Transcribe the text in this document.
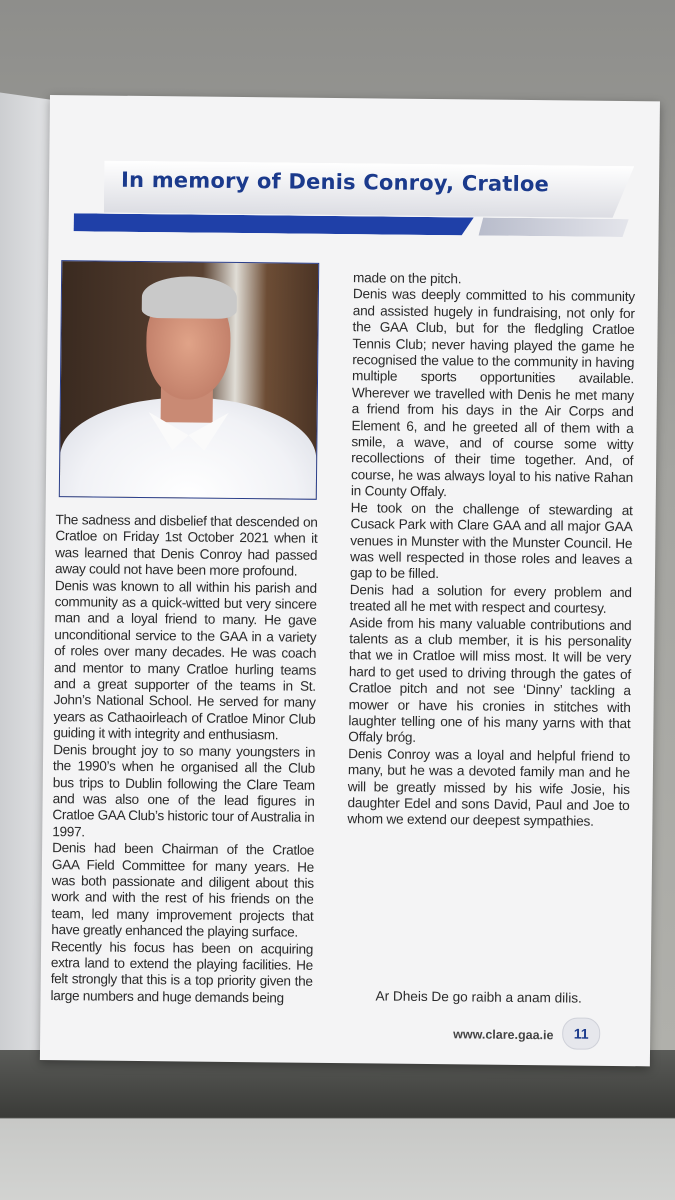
In memory of Denis Conroy, Cratloe

The sadness and disbelief that descended on Cratloe on Friday 1st October 2021 when it was learned that Denis Conroy had passed away could not have been more profound.

Denis was known to all within his parish and community as a quick-witted but very sincere man and a loyal friend to many. He gave unconditional service to the GAA in a variety of roles over many decades. He was coach and mentor to many Cratloe hurling teams and a great supporter of the teams in St. John’s National School. He served for many years as Cathaoirleach of Cratloe Minor Club guiding it with integrity and enthusiasm.

Denis brought joy to so many youngsters in the 1990’s when he organised all the Club bus trips to Dublin following the Clare Team and was also one of the lead figures in Cratloe GAA Club’s historic tour of Australia in 1997.

Denis had been Chairman of the Cratloe GAA Field Committee for many years. He was both passionate and diligent about this work and with the rest of his friends on the team, led many improvement projects that have greatly enhanced the playing surface.

Recently his focus has been on acquiring extra land to extend the playing facilities. He felt strongly that this is a top priority given the large numbers and huge demands being

made on the pitch.

Denis was deeply committed to his community and assisted hugely in fundraising, not only for the GAA Club, but for the fledgling Cratloe Tennis Club; never having played the game he recognised the value to the community in having multiple sports opportunities available. Wherever we travelled with Denis he met many a friend from his days in the Air Corps and Element 6, and he greeted all of them with a smile, a wave, and of course some witty recollections of their time together. And, of course, he was always loyal to his native Rahan in County Offaly.

He took on the challenge of stewarding at Cusack Park with Clare GAA and all major GAA venues in Munster with the Munster Council. He was well respected in those roles and leaves a gap to be filled.

Denis had a solution for every problem and treated all he met with respect and courtesy.

Aside from his many valuable contributions and talents as a club member, it is his personality that we in Cratloe will miss most. It will be very hard to get used to driving through the gates of Cratloe pitch and not see ‘Dinny’ tackling a mower or have his cronies in stitches with laughter telling one of his many yarns with that Offaly bróg.

Denis Conroy was a loyal and helpful friend to many, but he was a devoted family man and he will be greatly missed by his wife Josie, his daughter Edel and sons David, Paul and Joe to whom we extend our deepest sympathies.

Ar Dheis De go raibh a anam dilis.
www.clare.gaa.ie	11
